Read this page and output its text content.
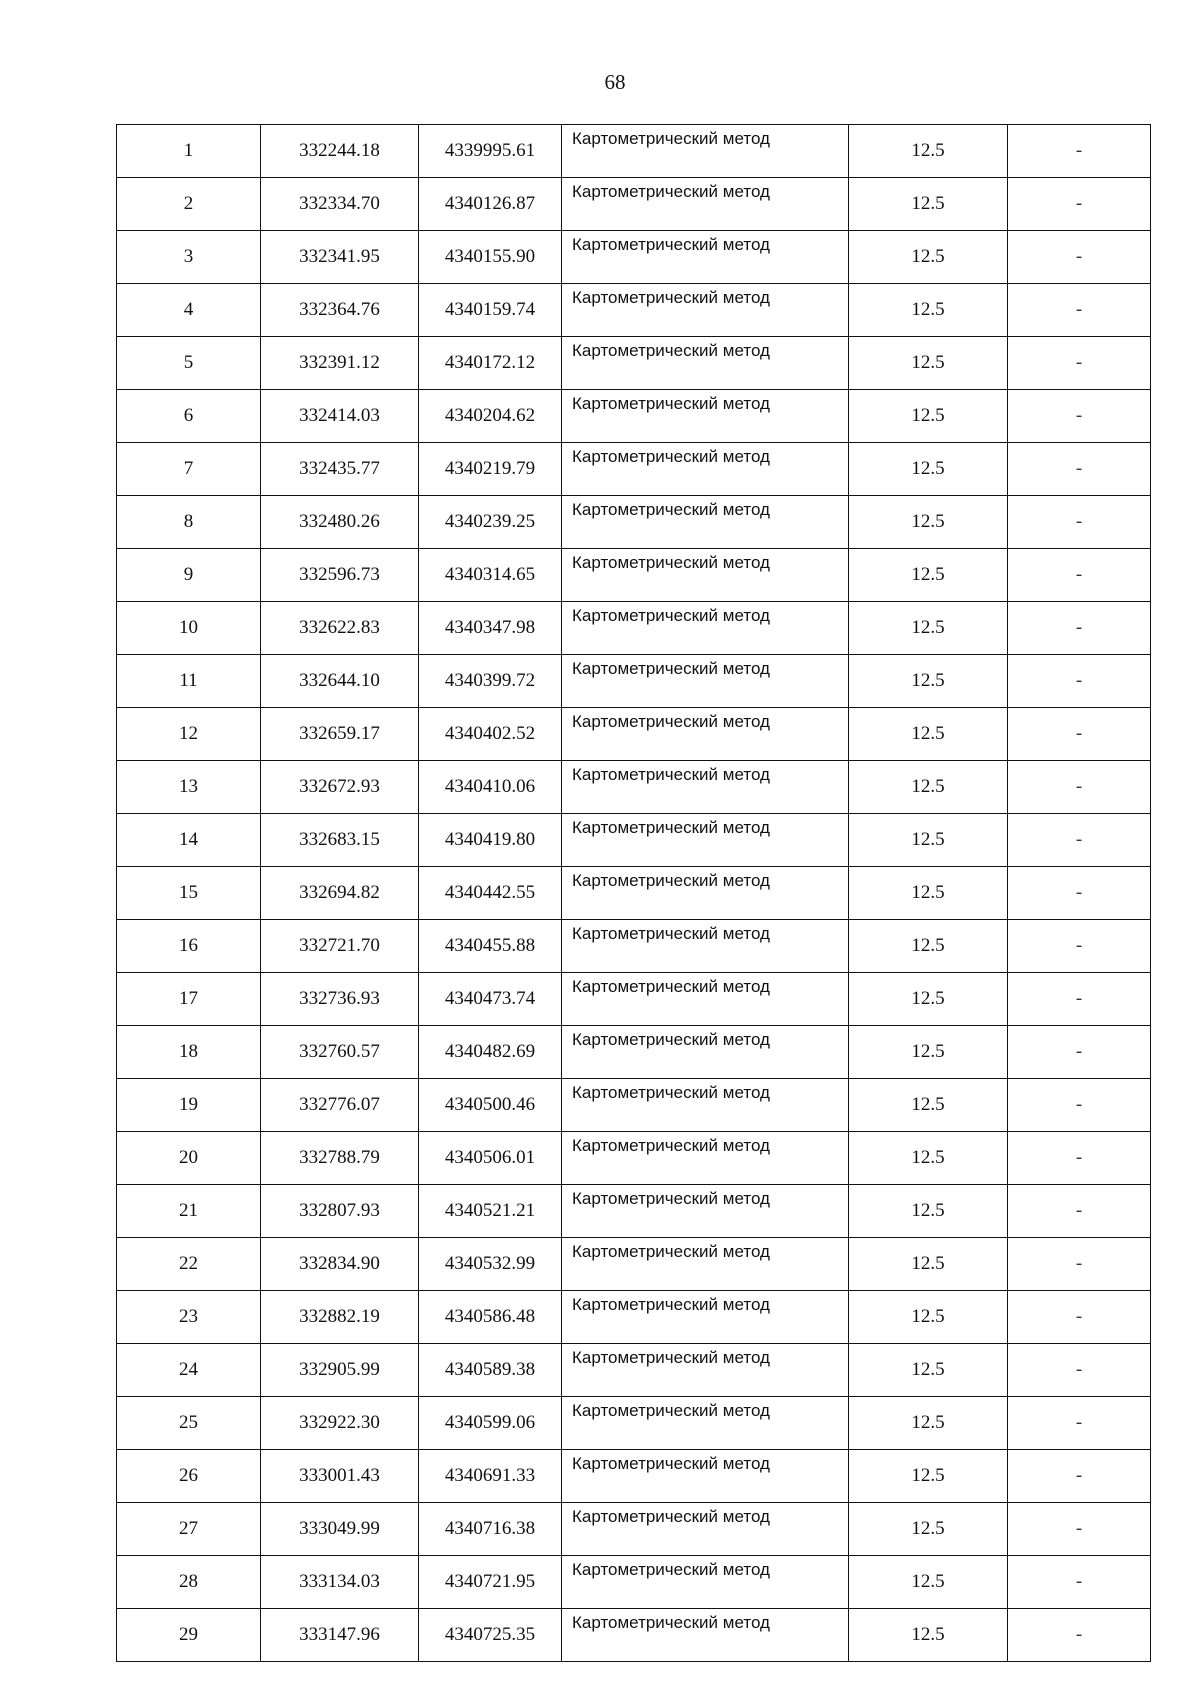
68
1	332244.18	4339995.61	Картометрический метод	12.5	-
2	332334.70	4340126.87	Картометрический метод	12.5	-
3	332341.95	4340155.90	Картометрический метод	12.5	-
4	332364.76	4340159.74	Картометрический метод	12.5	-
5	332391.12	4340172.12	Картометрический метод	12.5	-
6	332414.03	4340204.62	Картометрический метод	12.5	-
7	332435.77	4340219.79	Картометрический метод	12.5	-
8	332480.26	4340239.25	Картометрический метод	12.5	-
9	332596.73	4340314.65	Картометрический метод	12.5	-
10	332622.83	4340347.98	Картометрический метод	12.5	-
11	332644.10	4340399.72	Картометрический метод	12.5	-
12	332659.17	4340402.52	Картометрический метод	12.5	-
13	332672.93	4340410.06	Картометрический метод	12.5	-
14	332683.15	4340419.80	Картометрический метод	12.5	-
15	332694.82	4340442.55	Картометрический метод	12.5	-
16	332721.70	4340455.88	Картометрический метод	12.5	-
17	332736.93	4340473.74	Картометрический метод	12.5	-
18	332760.57	4340482.69	Картометрический метод	12.5	-
19	332776.07	4340500.46	Картометрический метод	12.5	-
20	332788.79	4340506.01	Картометрический метод	12.5	-
21	332807.93	4340521.21	Картометрический метод	12.5	-
22	332834.90	4340532.99	Картометрический метод	12.5	-
23	332882.19	4340586.48	Картометрический метод	12.5	-
24	332905.99	4340589.38	Картометрический метод	12.5	-
25	332922.30	4340599.06	Картометрический метод	12.5	-
26	333001.43	4340691.33	Картометрический метод	12.5	-
27	333049.99	4340716.38	Картометрический метод	12.5	-
28	333134.03	4340721.95	Картометрический метод	12.5	-
29	333147.96	4340725.35	Картометрический метод	12.5	-
